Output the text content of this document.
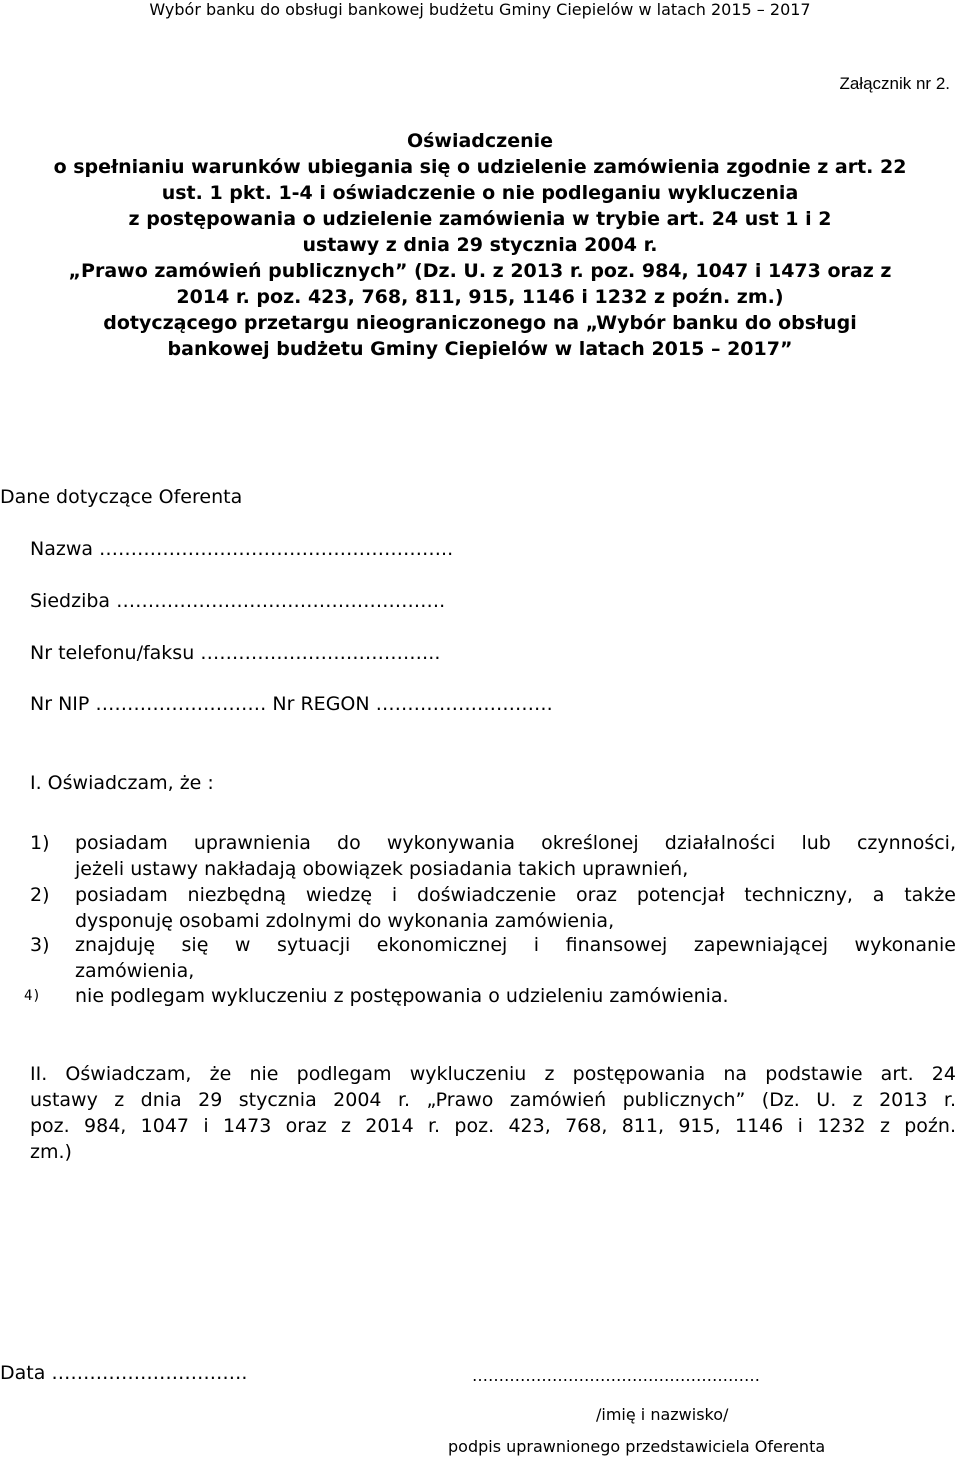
Wybór banku do obsługi bankowej budżetu Gminy Ciepielów w latach 2015 – 2017
Załącznik nr 2.
Oświadczenie
o spełnianiu warunków ubiegania się o udzielenie zamówienia zgodnie z art. 22
ust. 1 pkt. 1-4 i oświadczenie o nie podleganiu wykluczenia
z postępowania o udzielenie zamówienia w trybie art. 24 ust 1 i 2
ustawy z dnia 29 stycznia 2004 r.
„Prawo zamówień publicznych” (Dz. U. z 2013 r. poz. 984, 1047 i 1473 oraz z
2014 r. poz. 423, 768, 811, 915, 1146 i 1232 z poźn. zm.)
dotyczącego przetargu nieograniczonego na „Wybór banku do obsługi
bankowej budżetu Gminy Ciepielów w latach 2015 – 2017”
Dane dotyczące Oferenta
Nazwa ………………………………………………..
Siedziba …………………………………………….
Nr telefonu/faksu ………………………………..
Nr NIP ……………………… Nr REGON ……………………….
I. Oświadczam, że :
1) posiadam uprawnienia do wykonywania określonej działalności lub czynności,
jeżeli ustawy nakładają obowiązek posiadania takich uprawnień,
2) posiadam niezbędną wiedzę i doświadczenie oraz potencjał techniczny, a także
dysponuję osobami zdolnymi do wykonania zamówienia,
3) znajduję się w sytuacji ekonomicznej i finansowej zapewniającej wykonanie
zamówienia,
4) nie podlegam wykluczeniu z postępowania o udzieleniu zamówienia.
II. Oświadczam, że nie podlegam wykluczeniu z postępowania na podstawie art. 24
ustawy z dnia 29 stycznia 2004 r. „Prawo zamówień publicznych” (Dz. U. z 2013 r.
poz. 984, 1047 i 1473 oraz z 2014 r. poz. 423, 768, 811, 915, 1146 i 1232 z poźn.
zm.)
Data ………………………….	………………………………………………
/imię i nazwisko/
podpis uprawnionego przedstawiciela Oferenta
